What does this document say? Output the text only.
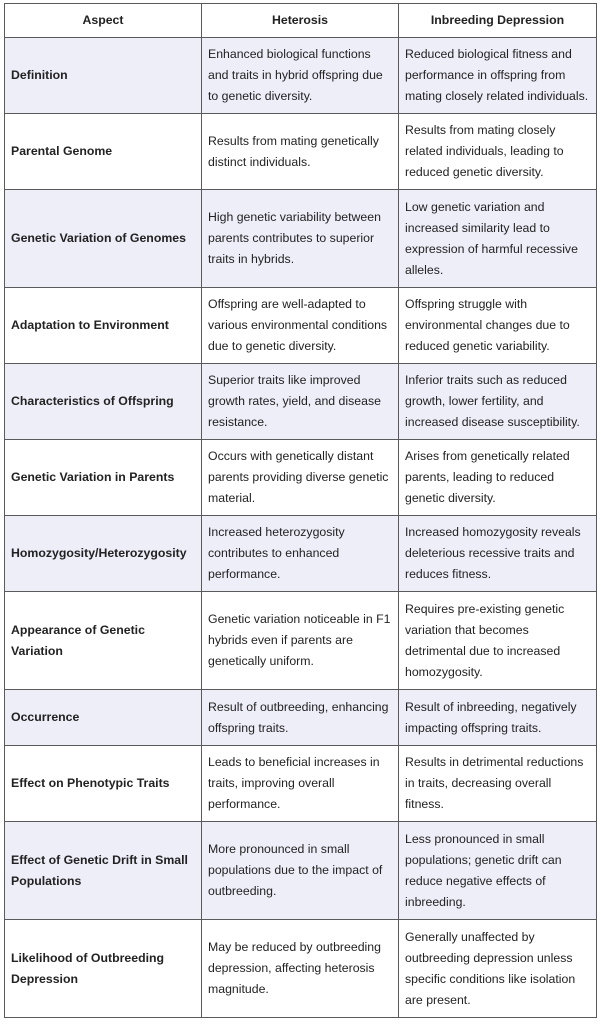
Aspect	Heterosis	Inbreeding Depression
Definition	Enhanced biological functions and traits in hybrid offspring due to genetic diversity.	Reduced biological fitness and performance in offspring from mating closely related individuals.
Parental Genome	Results from mating genetically distinct individuals.	Results from mating closely related individuals, leading to reduced genetic diversity.
Genetic Variation of Genomes	High genetic variability between parents contributes to superior traits in hybrids.	Low genetic variation and increased similarity lead to expression of harmful recessive alleles.
Adaptation to Environment	Offspring are well-adapted to various environmental conditions due to genetic diversity.	Offspring struggle with environmental changes due to reduced genetic variability.
Characteristics of Offspring	Superior traits like improved growth rates, yield, and disease resistance.	Inferior traits such as reduced growth, lower fertility, and increased disease susceptibility.
Genetic Variation in Parents	Occurs with genetically distant parents providing diverse genetic material.	Arises from genetically related parents, leading to reduced genetic diversity.
Homozygosity/Heterozygosity	Increased heterozygosity contributes to enhanced performance.	Increased homozygosity reveals deleterious recessive traits and reduces fitness.
Appearance of Genetic Variation	Genetic variation noticeable in F1 hybrids even if parents are genetically uniform.	Requires pre-existing genetic variation that becomes detrimental due to increased homozygosity.
Occurrence	Result of outbreeding, enhancing offspring traits.	Result of inbreeding, negatively impacting offspring traits.
Effect on Phenotypic Traits	Leads to beneficial increases in traits, improving overall performance.	Results in detrimental reductions in traits, decreasing overall fitness.
Effect of Genetic Drift in Small Populations	More pronounced in small populations due to the impact of outbreeding.	Less pronounced in small populations; genetic drift can reduce negative effects of inbreeding.
Likelihood of Outbreeding Depression	May be reduced by outbreeding depression, affecting heterosis magnitude.	Generally unaffected by outbreeding depression unless specific conditions like isolation are present.
